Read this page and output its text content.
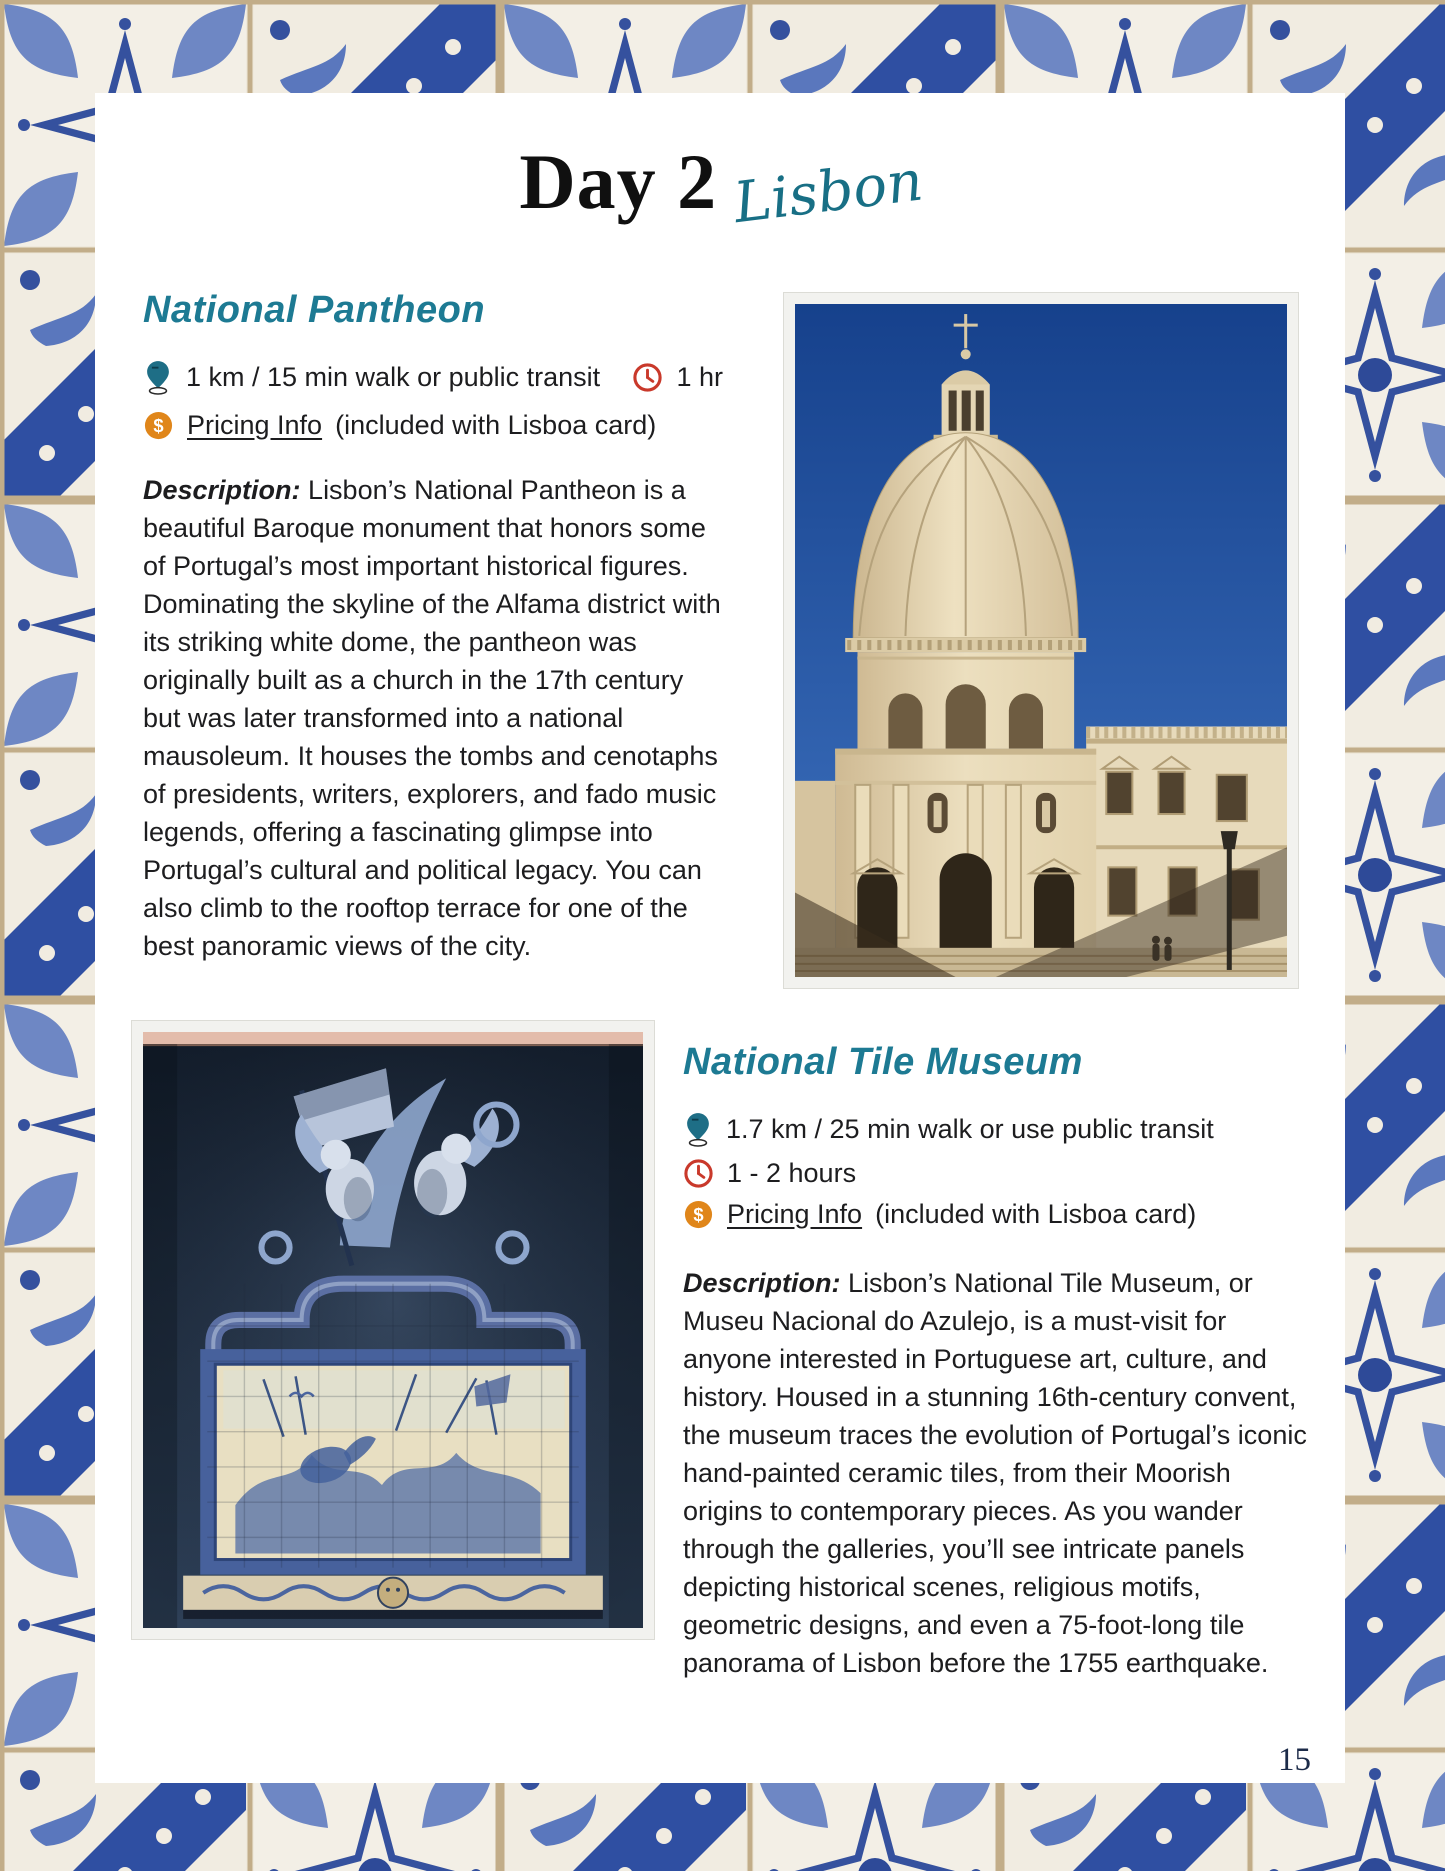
Day 2 Lisbon
National Pantheon
1 km / 15 min walk or public transit	1 hr
$ Pricing Info (included with Lisboa card)

Description: Lisbon’s National Pantheon is a beautiful Baroque monument that honors some of Portugal’s most important historical figures. Dominating the skyline of the Alfama district with its striking white dome, the pantheon was originally built as a church in the 17th century but was later transformed into a national mausoleum. It houses the tombs and cenotaphs of presidents, writers, explorers, and fado music legends, offering a fascinating glimpse into Portugal’s cultural and political legacy. You can also climb to the rooftop terrace for one of the best panoramic views of the city.

National Tile Museum
1.7 km / 25 min walk or use public transit
1 - 2 hours
$ Pricing Info (included with Lisboa card)

Description: Lisbon’s National Tile Museum, or Museu Nacional do Azulejo, is a must-visit for anyone interested in Portuguese art, culture, and history. Housed in a stunning 16th-century convent, the museum traces the evolution of Portugal’s iconic hand-painted ceramic tiles, from their Moorish origins to contemporary pieces. As you wander through the galleries, you’ll see intricate panels depicting historical scenes, religious motifs, geometric designs, and even a 75-foot-long tile panorama of Lisbon before the 1755 earthquake.

15
